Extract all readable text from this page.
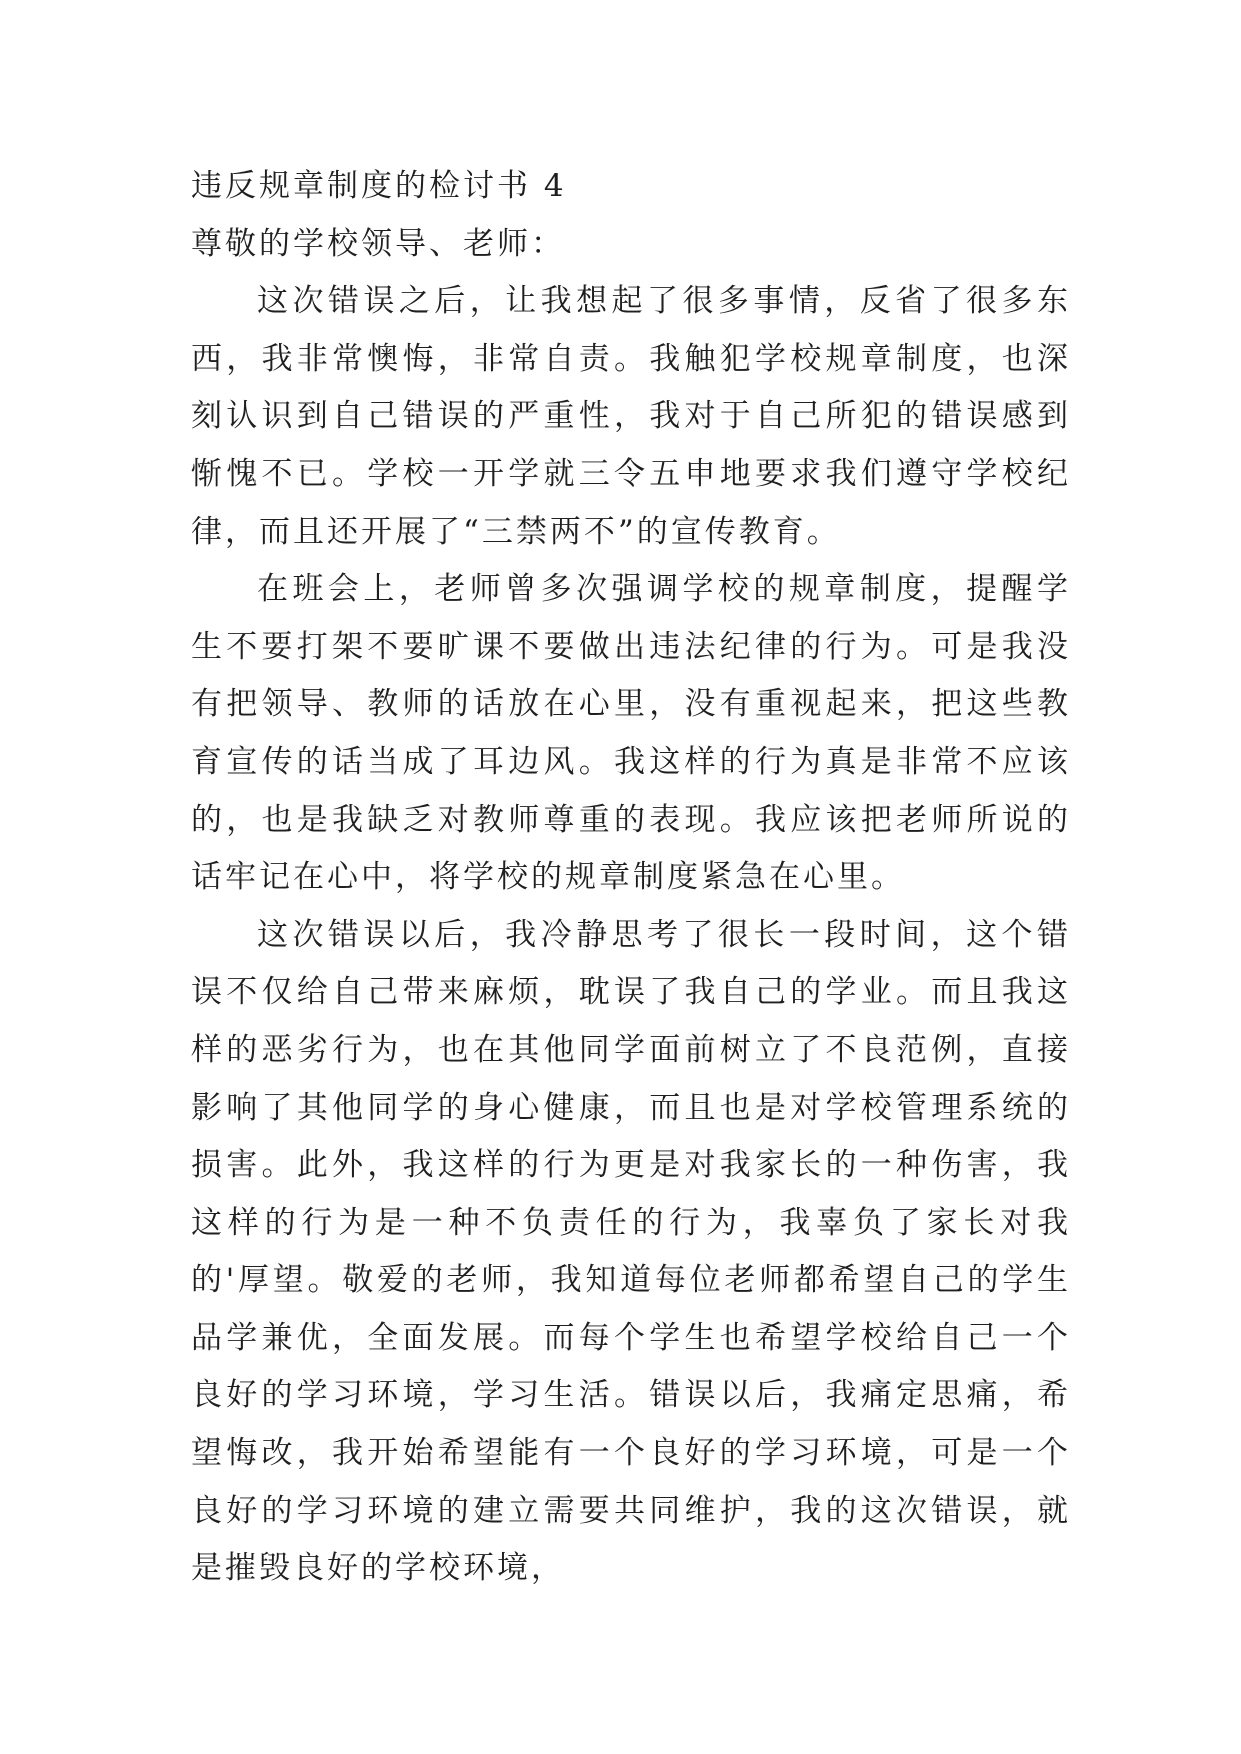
违反规章制度的检讨书 4

尊敬的学校领导、老师：

这次错误之后，让我想起了很多事情，反省了很多东西，我非常懊悔，非常自责。我触犯学校规章制度，也深刻认识到自己错误的严重性，我对于自己所犯的错误感到惭愧不已。学校一开学就三令五申地要求我们遵守学校纪律，而且还开展了“三禁两不”的宣传教育。

在班会上，老师曾多次强调学校的规章制度，提醒学生不要打架不要旷课不要做出违法纪律的行为。可是我没有把领导、教师的话放在心里，没有重视起来，把这些教育宣传的话当成了耳边风。我这样的行为真是非常不应该的，也是我缺乏对教师尊重的表现。我应该把老师所说的话牢记在心中，将学校的规章制度紧急在心里。

这次错误以后，我冷静思考了很长一段时间，这个错误不仅给自己带来麻烦，耽误了我自己的学业。而且我这样的恶劣行为，也在其他同学面前树立了不良范例，直接影响了其他同学的身心健康，而且也是对学校管理系统的损害。此外，我这样的行为更是对我家长的一种伤害，我这样的行为是一种不负责任的行为，我辜负了家长对我的'厚望。敬爱的老师，我知道每位老师都希望自己的学生品学兼优，全面发展。而每个学生也希望学校给自己一个良好的学习环境，学习生活。错误以后，我痛定思痛，希望悔改，我开始希望能有一个良好的学习环境，可是一个良好的学习环境的建立需要共同维护，我的这次错误，就是摧毁良好的学校环境，
